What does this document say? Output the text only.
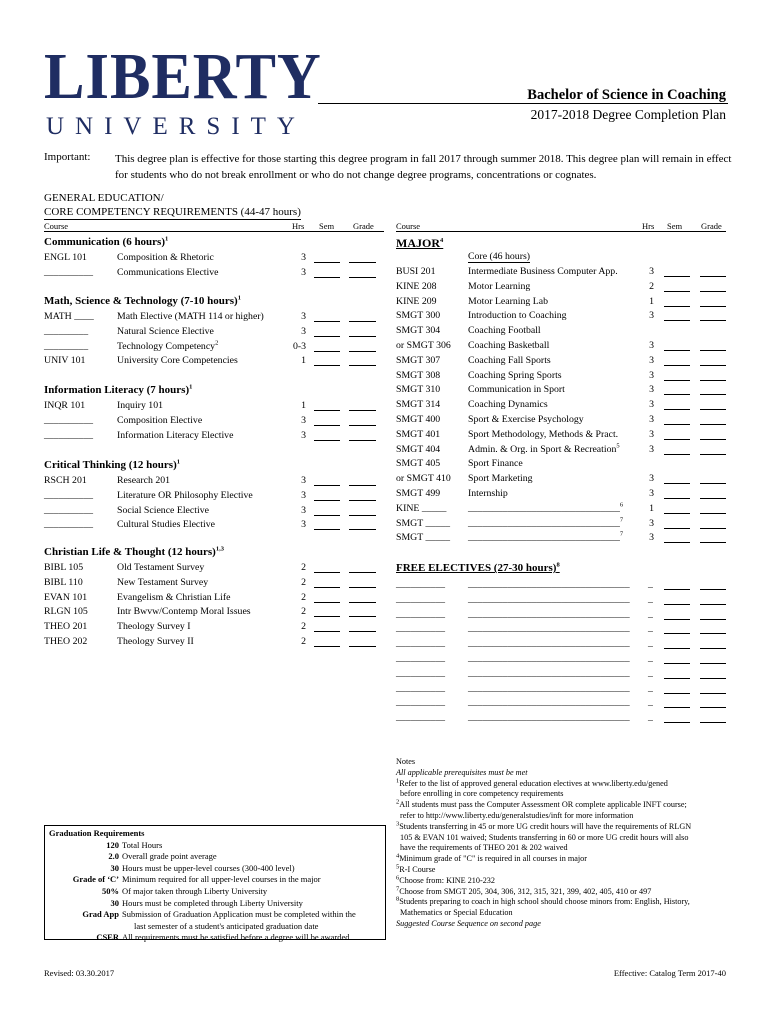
LIBERTY
UNIVERSITY
Bachelor of Science in Coaching
2017-2018 Degree Completion Plan
Important: This degree plan is effective for those starting this degree program in fall 2017 through summer 2018. This degree plan will remain in effect for students who do not break enrollment or who do not change degree programs, concentrations or cognates.
GENERAL EDUCATION/
CORE COMPETENCY REQUIREMENTS (44-47 hours)
Course	Hrs Sem Grade	Course	Hrs Sem Grade
Communication (6 hours)$^1$
ENGL 101	Composition & Rhetoric	3
__________ Communications Elective	3
Math, Science & Technology (7-10 hours)$^1$
MATH ____ Math Elective (MATH 114 or higher)	3
_________	Natural Science Elective	3
_________	Technology Competency$^2$	0-3
UNIV 101	University Core Competencies	1
Information Literacy (7 hours)$^1$
INQR 101	Inquiry 101	1
__________ Composition Elective	3
__________ Information Literacy Elective	3
Critical Thinking (12 hours)$^1$
RSCH 201	Research 201	3
__________ Literature OR Philosophy Elective	3
__________ Social Science Elective	3
__________ Cultural Studies Elective	3
Christian Life & Thought (12 hours)$^{1,3}$
BIBL 105	Old Testament Survey	2
BIBL 110	New Testament Survey	2
EVAN 101	Evangelism & Christian Life	2
RLGN 105	Intr Bwvw/Contemp Moral Issues	2
THEO 201	Theology Survey I	2
THEO 202	Theology Survey II	2
MAJOR$^4$
Core (46 hours)
BUSI 201	Intermediate Business Computer App.	3
KINE 208	Motor Learning	2
KINE 209	Motor Learning Lab	1
SMGT 300	Introduction to Coaching	3
SMGT 304	Coaching Football
or SMGT 306 Coaching Basketball	3
SMGT 307	Coaching Fall Sports	3
SMGT 308	Coaching Spring Sports	3
SMGT 310	Communication in Sport	3
SMGT 314	Coaching Dynamics	3
SMGT 400	Sport & Exercise Psychology	3
SMGT 401	Sport Methodology, Methods & Pract.	3
SMGT 404	Admin. & Org. in Sport & Recreation$^5$	3
SMGT 405	Sport Finance
or SMGT 410 Sport Marketing	3
SMGT 499	Internship	3
KINE _____ _______________________________$^6$	1
SMGT _____ _______________________________$^7$	3
SMGT _____ _______________________________$^7$	3
FREE ELECTIVES (27-30 hours)$^8$
__________ _________________________________ _
__________ _________________________________ _
__________ _________________________________ _
__________ _________________________________ _
__________ _________________________________ _
__________ _________________________________ _
__________ _________________________________ _
__________ _________________________________ _
__________ _________________________________ _
__________ _________________________________ _
Graduation Requirements
120 Total Hours
2.0 Overall grade point average
30 Hours must be upper-level courses (300-400 level)
Grade of ‘C’ Minimum required for all upper-level courses in the major
50% Of major taken through Liberty University
30 Hours must be completed through Liberty University
Grad App Submission of Graduation Application must be completed within the
last semester of a student's anticipated graduation date
CSER All requirements must be satisfied before a degree will be awarded
Notes
All applicable prerequisites must be met
$^1$Refer to the list of approved general education electives at www.liberty.edu/gened
before enrolling in core competency requirements
$^2$All students must pass the Computer Assessment OR complete applicable INFT course;
refer to http://www.liberty.edu/generalstudies/inft for more information
$^3$Students transferring in 45 or more UG credit hours will have the requirements of RLGN
105 & EVAN 101 waived; Students transferring in 60 or more UG credit hours will also
have the requirements of THEO 201 & 202 waived
$^4$Minimum grade of "C" is required in all courses in major
$^5$R-I Course
$^6$Choose from: KINE 210-232
$^7$Choose from SMGT 205, 304, 306, 312, 315, 321, 399, 402, 405, 410 or 497
$^8$Students preparing to coach in high school should choose minors from: English, History,
Mathematics or Special Education
Suggested Course Sequence on second page
Revised: 03.30.2017	Effective: Catalog Term 2017-40
